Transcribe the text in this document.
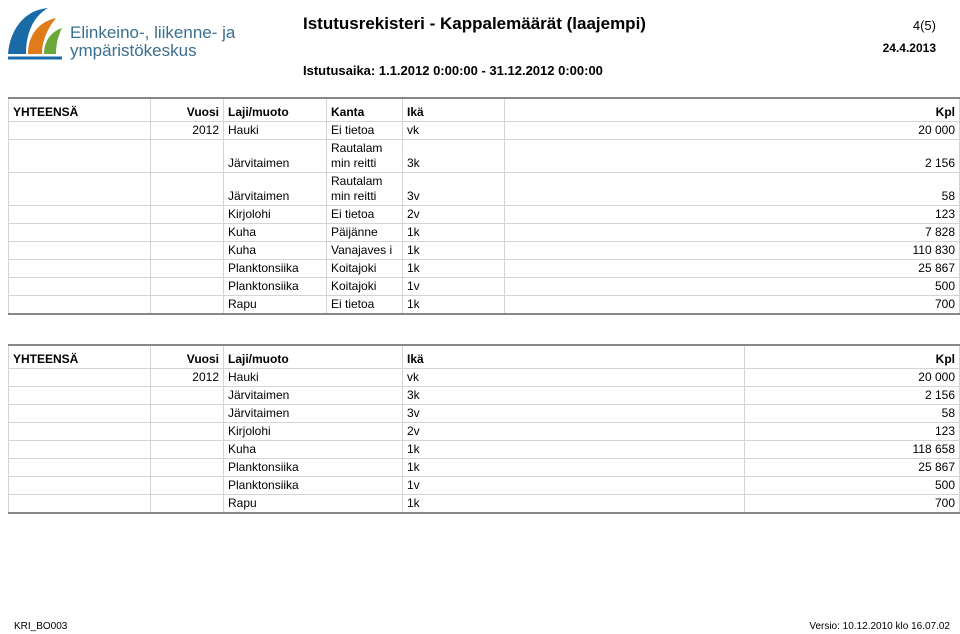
Elinkeino-, liikenne- ja
ympäristökeskus
Istutusrekisteri - Kappalemäärät (laajempi)	4(5)
24.4.2013
Istutusaika: 1.1.2012 0:00:00 - 31.12.2012 0:00:00
YHTEENSÄ	Vuosi	Laji/muoto	Kanta	Ikä	Kpl
	2012	Hauki	Ei tietoa	vk	20 000
		Järvitaimen	Rautalam min reitti	3k	2 156
		Järvitaimen	Rautalam min reitti	3v	58
		Kirjolohi	Ei tietoa	2v	123
		Kuha	Päijänne	1k	7 828
		Kuha	Vanajaves i	1k	110 830
		Planktonsiika	Koitajoki	1k	25 867
		Planktonsiika	Koitajoki	1v	500
		Rapu	Ei tietoa	1k	700
YHTEENSÄ	Vuosi	Laji/muoto	Ikä	Kpl
	2012	Hauki	vk	20 000
		Järvitaimen	3k	2 156
		Järvitaimen	3v	58
		Kirjolohi	2v	123
		Kuha	1k	118 658
		Planktonsiika	1k	25 867
		Planktonsiika	1v	500
		Rapu	1k	700
KRI_BO003	Versio: 10.12.2010 klo 16.07.02
